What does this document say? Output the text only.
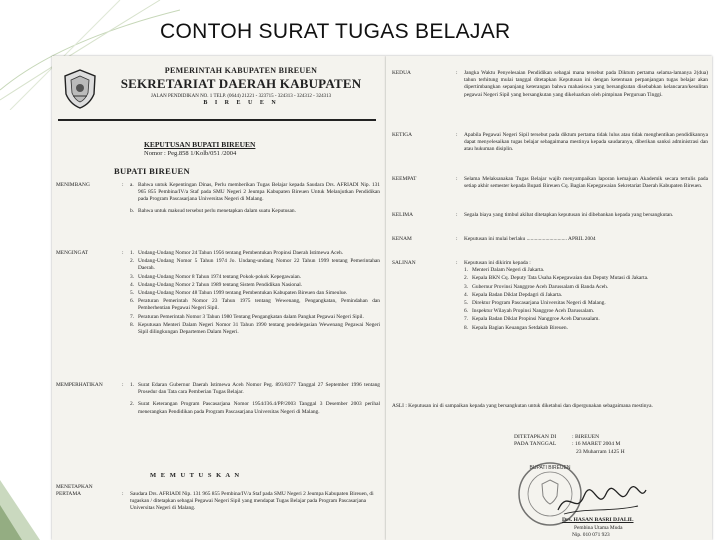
CONTOH SURAT TUGAS BELAJAR
PEMERINTAH KABUPATEN BIREUEN
SEKRETARIAT DAERAH KABUPATEN
JALAN PENDIDIKAN NO. 1 TELP. (0644) 21221 - 323715 - 324313 - 324312 - 324313
B I R E U E N
KEPUTUSAN BUPATI BIREUEN
Nomor : Peg.858 1/Kolb/051 /2004
BUPATI BIREUEN
MENIMBANG	: a. Bahwa untuk Kepentingan Dinas, Perlu memberikan Tugas Belajar kepada Saudara Drs. AFRIADI Nip. 131 965 855 Pembina/IV/a Staf pada SMU Negeri 2 Jeumpa Kabupaten Bireuen Untuk Melanjutkan Pendidikan pada Program Pascasarjana Universitas Negeri di Malang.
b. Bahwa untuk maksud tersebut perlu menetapkan dalam suatu Keputusan.
MENGINGAT	: 1. Undang-Undang Nomor 24 Tahun 1956 tentang Pembentukan Propinsi Daerah Istimewa Aceh.
2. Undang-Undang Nomor 5 Tahun 1974 Jo. Undang-undang Nomor 22 Tahun 1999 tentang Pemerintahan Daerah.
3. Undang-Undang Nomor 8 Tahun 1974 tentang Pokok-pokok Kepegawaian.
4. Undang-Undang Nomor 2 Tahun 1989 tentang Sistem Pendidikan Nasional.
5. Undang-Undang Nomor 48 Tahun 1999 tentang Pembentukan Kabupaten Bireuen dan Simeulue.
6. Peraturan Pemerintah Nomor 23 Tahun 1975 tentang Wewenang, Pengangkatan, Pemindahan dan Pemberhentian Pegawai Negeri Sipil.
7. Peraturan Pemerintah Nomor 3 Tahun 1980 Tentang Pengangkatan dalam Pangkat Pegawai Negeri Sipil.
8. Keputusan Menteri Dalam Negeri Nomor 31 Tahun 1990 tentang pendelegasian Wewenang Pegawai Negeri Sipil dilingkungan Departemen Dalam Negeri.
MEMPERHATIKAN	: 1. Surat Edaran Gubernur Daerah Istimewa Aceh Nomor Peg. 893/8377 Tanggal 27 September 1996 tentang Prosedur dan Tata cara Pemberian Tugas Belajar.
2. Surat Keterangan Program Pascasarjana Nomor 1954/J36.4/PP/2003 Tanggal 3 Desember 2003 perihal menerangkan Pendidikan pada Program Pascasarjana Universitas Negeri di Malang.
M E M U T U S K A N
MENETAPKAN
PERTAMA	: Saudara Drs. AFRIADI Nip. 131 965 855 Pembina/IV/a Staf pada SMU Negeri 2 Jeumpa Kabupaten Bireuen, di tugaskan / ditetapkan sebagai Pegawai Negeri Sipil yang mendapat Tugas Belajar pada Program Pascasarjana Universitas Negeri di Malang.
KEDUA	: Jangka Waktu Penyelesaian Pendidikan sebagai mana tersebut pada Diktum pertama selama-lamanya 2(dua) tahun terhitung mulai tanggal ditetapkan Keputusan ini dengan ketentuan perpanjangan tugas belajar akan dipertimbangkan sepanjang keterangan bahwa mahasiswa yang bersangkutan disebabkan kelancaran/kesulitan pegawai Negeri Sipil yang bersangkutan yang dikeluarkan oleh pimpinan Perguruan Tinggi.
KETIGA	: Apabila Pegawai Negeri Sipil tersebut pada diktum pertama tidak lulus atau tidak menghentikan pendidikannya dapat menyelesaikan tugas belajar sebagaimana mestinya kepada saudaranya, diberikan sanksi administrasi dan atau hukuman disiplin.
KEEMPAT	: Selama Melaksanakan Tugas Belajar wajib menyampaikan laporan kemajuan Akademik secara tertulis pada setiap akhir semester kepada Bupati Bireuen Cq. Bagian Kepegawaian Sekretariat Daerah Kabupaten Bireuen.
KELIMA	: Segala biaya yang timbul akibat ditetapkan keputusan ini dibebankan kepada yang bersangkutan.
KENAM	: Keputusan ini mulai berlaku .............................. APRIL 2004
SALINAN	: Keputusan ini dikirim kepada :
1. Menteri Dalam Negeri di Jakarta.
2. Kepala BKN Cq. Deputy Tata Usaha Kepegawaian dan Deputy Mutasi di Jakarta.
3. Gubernur Provinsi Nanggroe Aceh Darussalam di Banda Aceh.
4. Kepala Badan Diklat Depdagri di Jakarta.
5. Direktur Program Pascasarjana Universitas Negeri di Malang.
6. Inspektur Wilayah Propinsi Nanggroe Aceh Darussalam.
7. Kepala Badan Diklat Propinsi Nanggroe Aceh Darussalam.
8. Kepala Bagian Keuangan Setdakab Bireuen.
ASLI : Keputusan ini di sampaikan kepada yang bersangkutan untuk diketahui dan dipergunakan sebagaimana mestinya.
DITETAPKAN DI	: BIREUEN
PADA TANGGAL	: 16 MARET 2004 M
23 Muharram 1425 H
BUPATI BIREUEN
Drs. HASAN BASRI DJALIL
Pembina Utama Muda
Nip. 010 071 923
